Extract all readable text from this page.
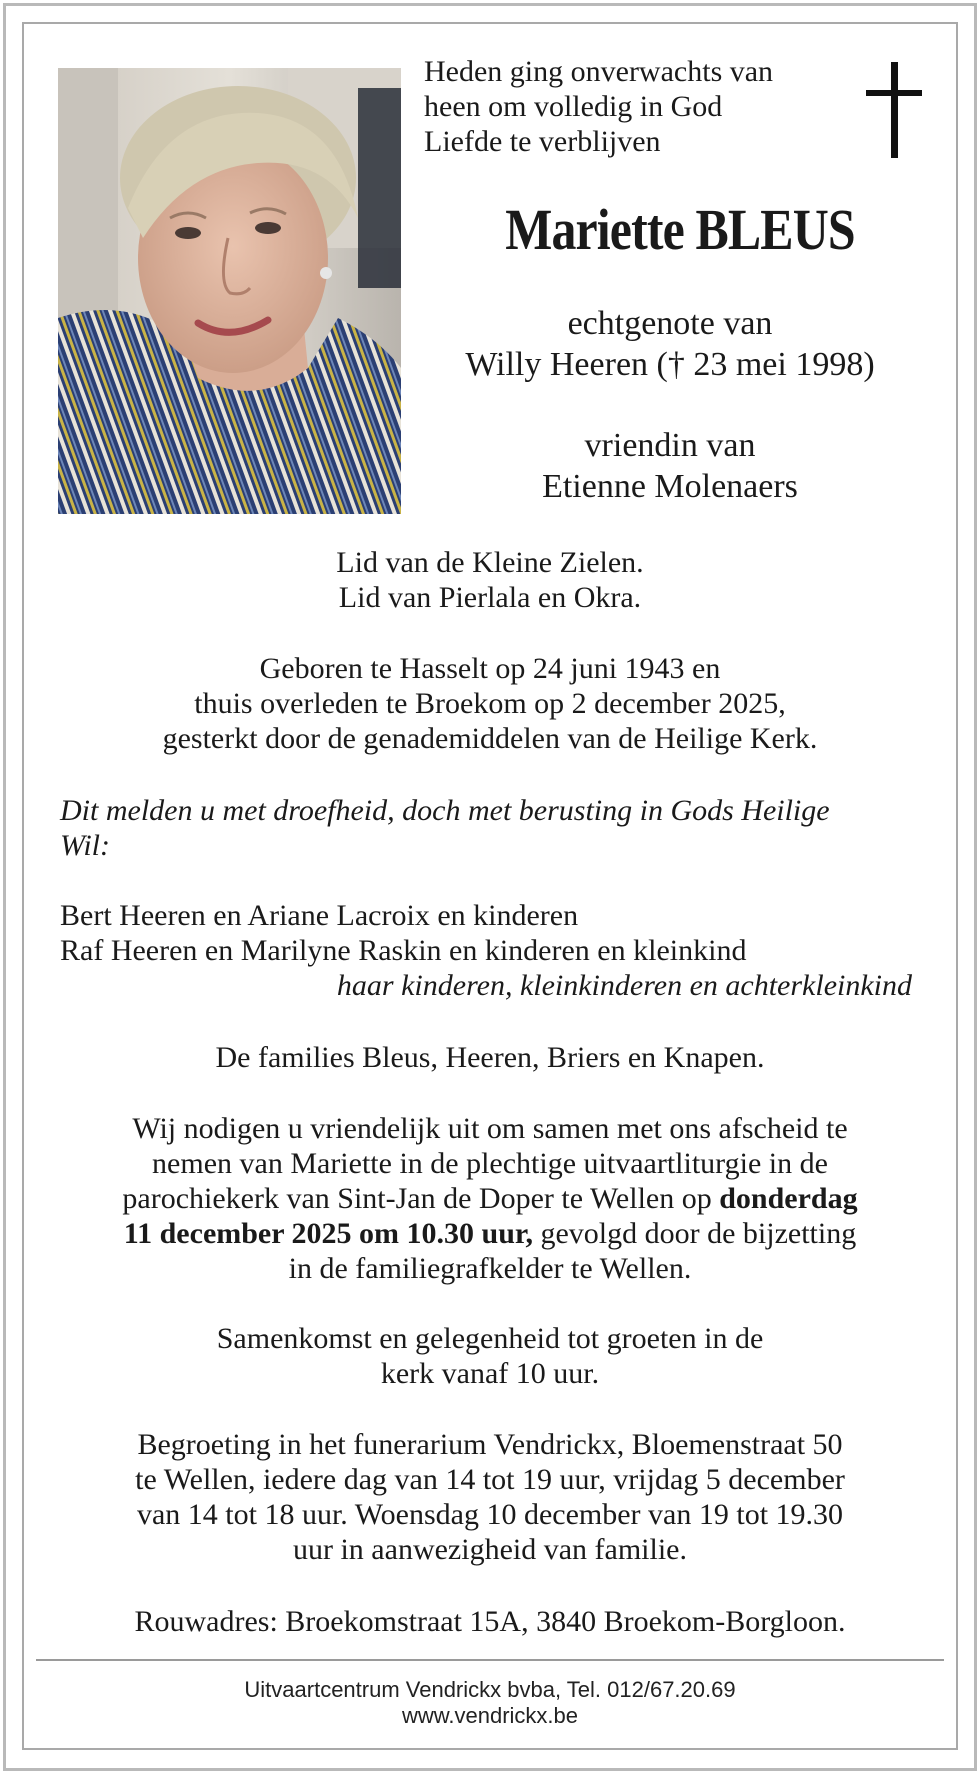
Heden ging onverwachts van
heen om volledig in God
Liefde te verblijven
Mariette BLEUS
echtgenote van
Willy Heeren († 23 mei 1998)
vriendin van
Etienne Molenaers
Lid van de Kleine Zielen.
Lid van Pierlala en Okra.
Geboren te Hasselt op 24 juni 1943 en
thuis overleden te Broekom op 2 december 2025,
gesterkt door de genademiddelen van de Heilige Kerk.
Dit melden u met droefheid, doch met berusting in Gods Heilige
Wil:
Bert Heeren en Ariane Lacroix en kinderen
Raf Heeren en Marilyne Raskin en kinderen en kleinkind
haar kinderen, kleinkinderen en achterkleinkind
De families Bleus, Heeren, Briers en Knapen.
Wij nodigen u vriendelijk uit om samen met ons afscheid te
nemen van Mariette in de plechtige uitvaartliturgie in de
parochiekerk van Sint-Jan de Doper te Wellen op donderdag
11 december 2025 om 10.30 uur, gevolgd door de bijzetting
in de familiegrafkelder te Wellen.
Samenkomst en gelegenheid tot groeten in de
kerk vanaf 10 uur.
Begroeting in het funerarium Vendrickx, Bloemenstraat 50
te Wellen, iedere dag van 14 tot 19 uur, vrijdag 5 december
van 14 tot 18 uur. Woensdag 10 december van 19 tot 19.30
uur in aanwezigheid van familie.
Rouwadres: Broekomstraat 15A, 3840 Broekom-Borgloon.
Uitvaartcentrum Vendrickx bvba, Tel. 012/67.20.69
www.vendrickx.be
